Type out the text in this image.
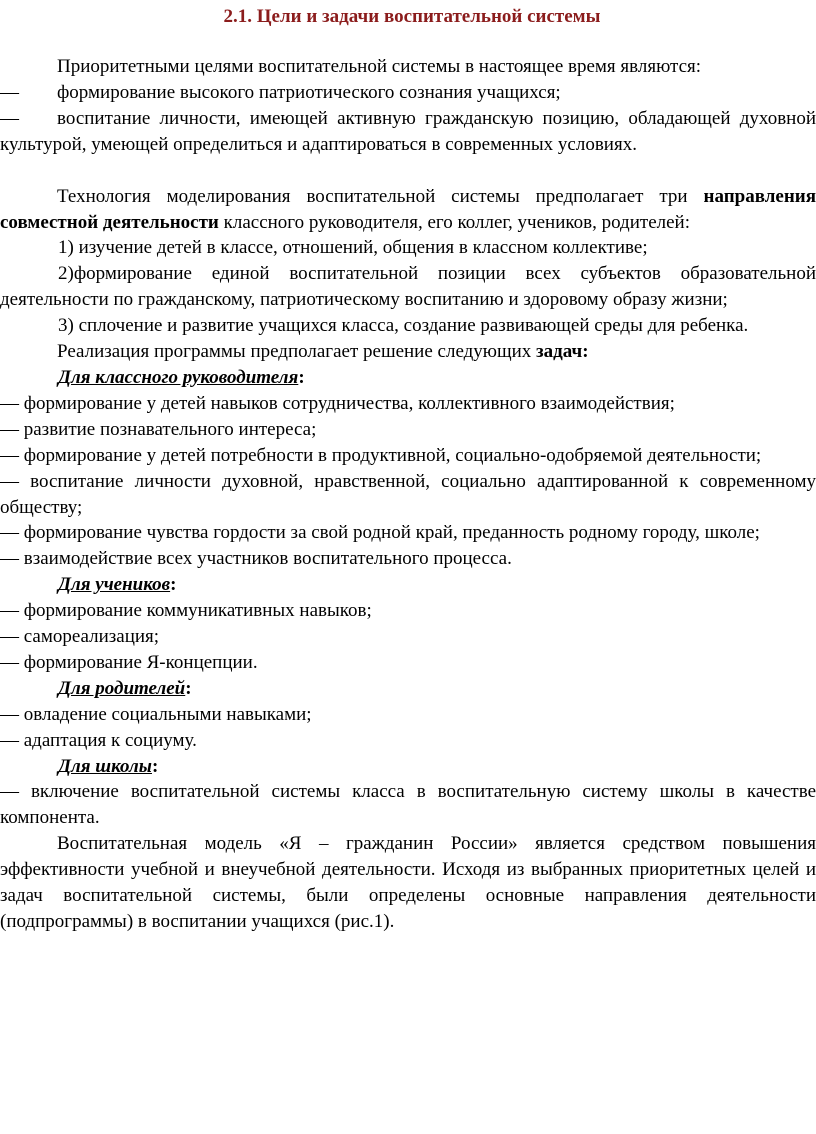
2.1. Цели и задачи воспитательной системы

Приоритетными целями воспитательной системы в настоящее время являются:

— формирование высокого патриотического сознания учащихся;

— воспитание личности, имеющей активную гражданскую позицию, обладающей духовной культурой, умеющей определиться и адаптироваться в современных условиях.

Технология моделирования воспитательной системы предполагает три направления совместной деятельности классного руководителя, его коллег, учеников, родителей:

1) изучение детей в классе, отношений, общения в классном коллективе;

2)формирование единой воспитательной позиции всех субъектов образовательной деятельности по гражданскому, патриотическому воспитанию и здоровому образу жизни;

3) сплочение и развитие учащихся класса, создание развивающей среды для ребенка.

Реализация программы предполагает решение следующих задач:

Для классного руководителя:

— формирование у детей навыков сотрудничества, коллективного взаимодействия;

— развитие познавательного интереса;

— формирование у детей потребности в продуктивной, социально-одобряемой деятельности;

— воспитание личности духовной, нравственной, социально адаптированной к современному обществу;

— формирование чувства гордости за свой родной край, преданность родному городу, школе;

— взаимодействие всех участников воспитательного процесса.

Для учеников:

— формирование коммуникативных навыков;

— самореализация;

— формирование Я-концепции.

Для родителей:

— овладение социальными навыками;

— адаптация к социуму.

Для школы:

— включение воспитательной системы класса в воспитательную систему школы в качестве компонента.

Воспитательная модель «Я – гражданин России» является средством повышения эффективности учебной и внеучебной деятельности. Исходя из выбранных приоритетных целей и задач воспитательной системы, были определены основные направления деятельности (подпрограммы) в воспитании учащихся (рис.1).
